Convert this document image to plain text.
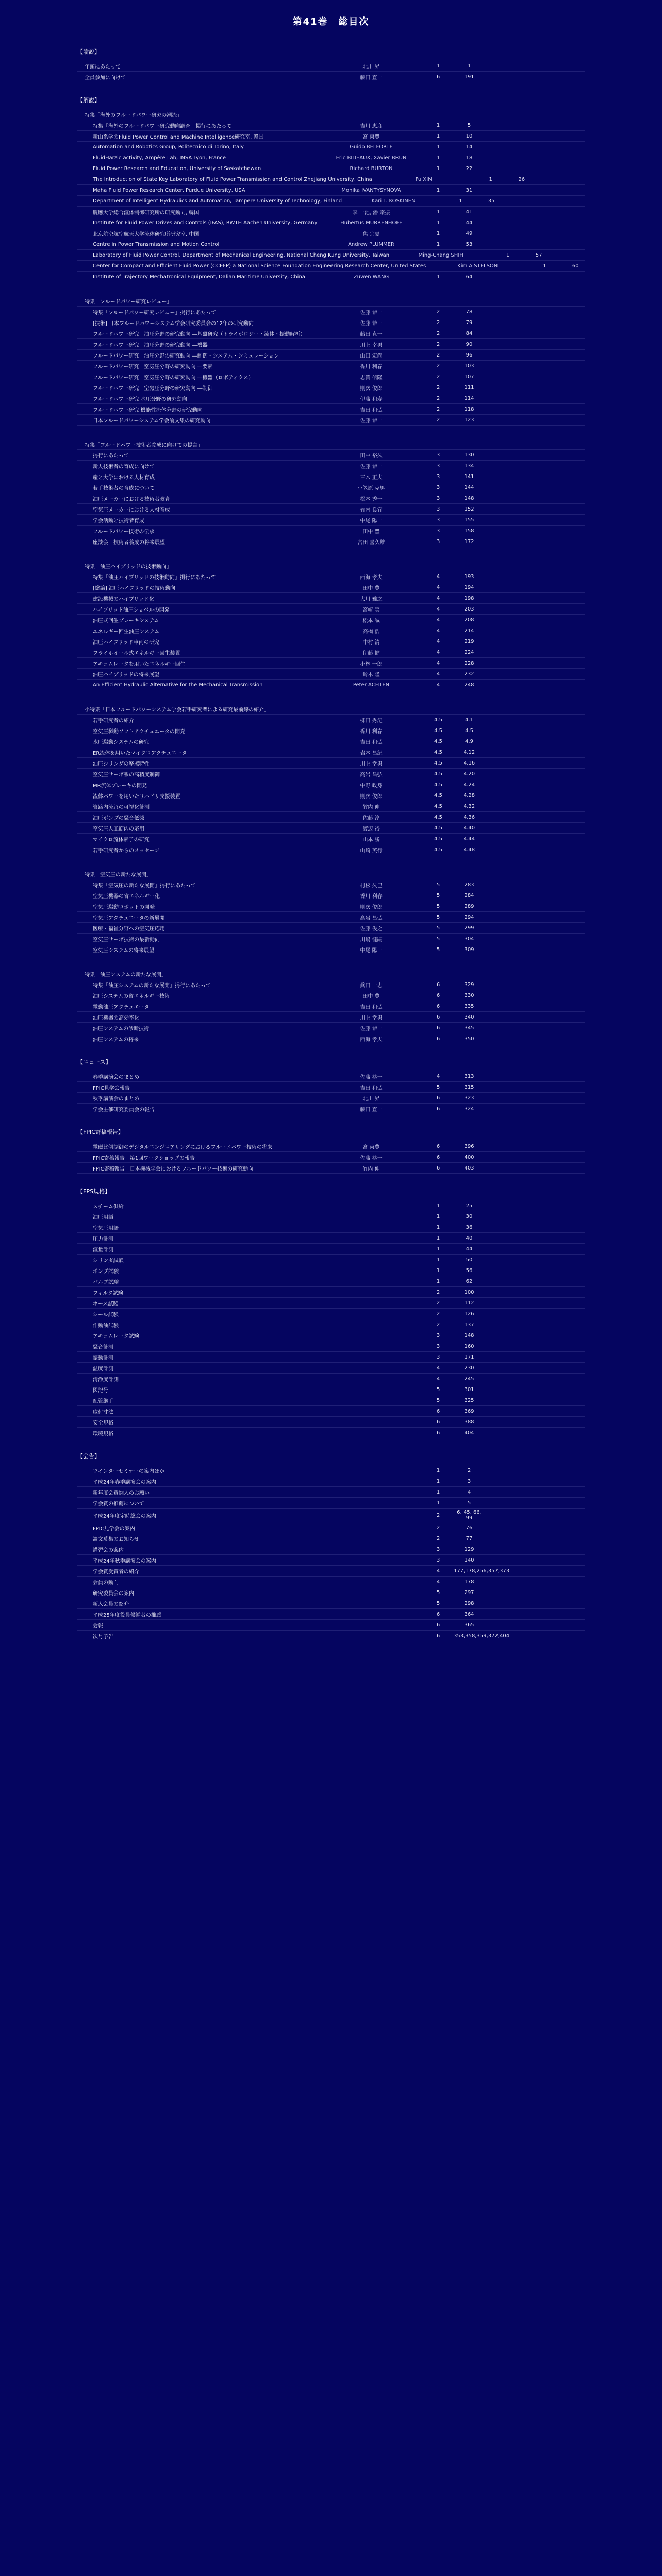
第41巻　総目次
【論説】
年頭にあたって	北川 昇	1	1
全員参加に向けて	藤田 直一	6	191
【解説】
特集「海外のフルードパワー研究の潮流」
特集「海外のフルードパワー研究動向調査」掲行にあたって	吉川 恵彦	1	5
新山系学のFluid Power Control and Machine Intelligence研究室, 韓国	宮 東豊	1	10
Automation and Robotics Group, Politecnico di Torino, Italy	Guido BELFORTE	1	14
FluidHarzic activity, Ampère Lab, INSA Lyon, France	Eric BIDEAUX, Xavier BRUN	1	18
Fluid Power Research and Education, University of Saskatchewan	Richard BURTON	1	22
The Introduction of State Key Laboratory of Fluid Power Transmission and Control Zhejiang University, China	Fu XIN	1	26
Maha Fluid Power Research Center, Purdue University, USA	Monika IVANTYSYNOVA	1	31
Department of Intelligent Hydraulics and Automation, Tampere University of Technology, Finland	Kari T. KOSKINEN	1	35
慶應大学総合流体制御研究所の研究動向, 韓国	李 一池, 潘 宗振	1	41
Institute for Fluid Power Drives and Controls (IFAS), RWTH Aachen University, Germany	Hubertus MURRENHOFF	1	44
北京航空航空航天大学流体研究所研究室, 中国	焦 宗夏	1	49
Centre in Power Transmission and Motion Control	Andrew PLUMMER	1	53
Laboratory of Fluid Power Control, Department of Mechanical Engineering, National Cheng Kung University, Taiwan	Ming-Chang SHIH	1	57
Center for Compact and Efficient Fluid Power (CCEFP) a National Science Foundation Engineering Research Center, United States	Kim A.STELSON	1	60
Institute of Trajectory Mechatronical Equipment, Dalian Maritime University, China	Zuwen WANG	1	64
特集「フルードパワー研究レビュー」
特集「フルードパワー研究レビュー」掲行にあたって	佐藤 恭一	2	78
[技術] 日本フルードパワーシステム学会研究委員会の12年の研究動向	佐藤 恭一	2	79
フルードパワー研究　油圧分野の研究動向 ―基盤研究（トライボロジー・流体・振動解析）	藤田 直一	2	84
フルードパワー研究　油圧分野の研究動向 ―機器	川上 幸男	2	90
フルードパワー研究　油圧分野の研究動向 ―制御・システム・シミュレーション	山田 宏尚	2	96
フルードパワー研究　空気圧分野の研究動向 ―要素	香川 利春	2	103
フルードパワー研究　空気圧分野の研究動向 ―機器（ロボティクス）	志賀 信隆	2	107
フルードパワー研究　空気圧分野の研究動向 ―制御	則次 俊郎	2	111
フルードパワー研究 水圧分野の研究動向	伊藤 和寿	2	114
フルードパワー研究 機能性流体分野の研究動向	吉田 和弘	2	118
日本フルードパワーシステム学会論文集の研究動向	佐藤 恭一	2	123
特集「フルードパワー技術者養成に向けての提言」
掲行にあたって	田中 裕久	3	130
新人技術者の育成に向けて	佐藤 恭一	3	134
産と大学における人材育成	三木 正夫	3	141
若手技術者の育成について	小笠原 克男	3	144
油圧メーカーにおける技術者教育	松本 秀一	3	148
空気圧メーカーにおける人材育成	竹内 良宜	3	152
学会活動と技術者育成	中尾 陽一	3	155
フルードパワー技術の伝承	田中 豊	3	158
座談会　技術者養成の将来展望	宮田 喜久雄	3	172
特集「油圧ハイブリッドの技術動向」
特集「油圧ハイブリッドの技術動向」掲行にあたって	西海 孝夫	4	193
[総論] 油圧ハイブリッドの技術動向	田中 豊	4	194
建設機械のハイブリッド化	大川 雅之	4	198
ハイブリッド油圧ショベルの開発	宮崎 実	4	203
油圧式回生ブレーキシステム	松本 誠	4	208
エネルギー回生油圧システム	高橋 浩	4	214
油圧ハイブリッド車両の研究	中村 清	4	219
フライホイール式エネルギー回生装置	伊藤 健	4	224
アキュムレータを用いたエネルギー回生	小林 一郎	4	228
油圧ハイブリッドの将来展望	鈴木 隆	4	232
An Efficient Hydraulic Alternative for the Mechanical Transmission	Peter ACHTEN	4	248
小特集「日本フルードパワーシステム学会若手研究者による研究最前線の紹介」
若手研究者の紹介	柳田 秀記	4.5	4.1
空気圧駆動ソフトアクチュエータの開発	香川 利春	4.5	4.5
水圧駆動システムの研究	吉田 和弘	4.5	4.9
ER流体を用いたマイクロアクチュエータ	岩本 昌紀	4.5	4.12
油圧シリンダの摩擦特性	川上 幸男	4.5	4.16
空気圧サーボ系の高精度制御	高岩 昌弘	4.5	4.20
MR流体ブレーキの開発	中野 政身	4.5	4.24
流体パワーを用いたリハビリ支援装置	則次 俊郎	4.5	4.28
管路内流れの可視化計測	竹内 伸	4.5	4.32
油圧ポンプの騒音低減	佐藤 淳	4.5	4.36
空気圧人工筋肉の応用	渡辺 裕	4.5	4.40
マイクロ流体素子の研究	山本 勝	4.5	4.44
若手研究者からのメッセージ	山崎 英行	4.5	4.48
特集「空気圧の新たな展開」
特集「空気圧の新たな展開」掲行にあたって	村松 久巳	5	283
空気圧機器の省エネルギー化	香川 利春	5	284
空気圧駆動ロボットの開発	則次 俊郎	5	289
空気圧アクチュエータの新展開	高岩 昌弘	5	294
医療・福祉分野への空気圧応用	佐藤 俊之	5	299
空気圧サーボ技術の最新動向	川嶋 健嗣	5	304
空気圧システムの将来展望	中尾 陽一	5	309
特集「油圧システムの新たな展開」
特集「油圧システムの新たな展開」掲行にあたって	眞田 一志	6	329
油圧システムの省エネルギー技術	田中 豊	6	330
電動油圧アクチュエータ	吉田 和弘	6	335
油圧機器の高効率化	川上 幸男	6	340
油圧システムの診断技術	佐藤 恭一	6	345
油圧システムの将来	西海 孝夫	6	350
【ニュース】
春季講演会のまとめ	佐藤 恭一	4	313
FPIC見学会報告	吉田 和弘	5	315
秋季講演会のまとめ	北川 昇	6	323
学会主催研究委員会の報告	藤田 直一	6	324
【FPIC寄稿報告】
電磁比例制御のデジタルエンジニアリングにおけるフルードパワー技術の将来	宮 東豊	6	396
FPIC寄稿報告　第1回ワークショップの報告	佐藤 恭一	6	400
FPIC寄稿報告　日本機械学会におけるフルードパワー技術の研究動向	竹内 伸	6	403
【FPS規格】
スチーム供給	1	25
油圧用語	1	30
空気圧用語	1	36
圧力計測	1	40
流量計測	1	44
シリンダ試験	1	50
ポンプ試験	1	56
バルブ試験	1	62
フィルタ試験	2	100
ホース試験	2	112
シール試験	2	126
作動油試験	2	137
アキュムレータ試験	3	148
騒音計測	3	160
振動計測	3	171
温度計測	4	230
清浄度計測	4	245
図記号	5	301
配管継手	5	325
取付寸法	6	369
安全規格	6	388
環境規格	6	404
【会告】
ウインターセミナーの案内ほか	1	2
平成24年春季講演会の案内	1	3
新年度会費納入のお願い	1	4
学会賞の推薦について	1	5
平成24年度定時総会の案内	2	6, 45, 66, 99
FPIC見学会の案内	2	76
論文募集のお知らせ	2	77
講習会の案内	3	129
平成24年秋季講演会の案内	3	140
学会賞受賞者の紹介	4	177,178,256,357,373
会員の動向	4	178
研究委員会の案内	5	297
新入会員の紹介	5	298
平成25年度役員候補者の推薦	6	364
会報	6	365
次号予告	6	353,358,359,372,404
